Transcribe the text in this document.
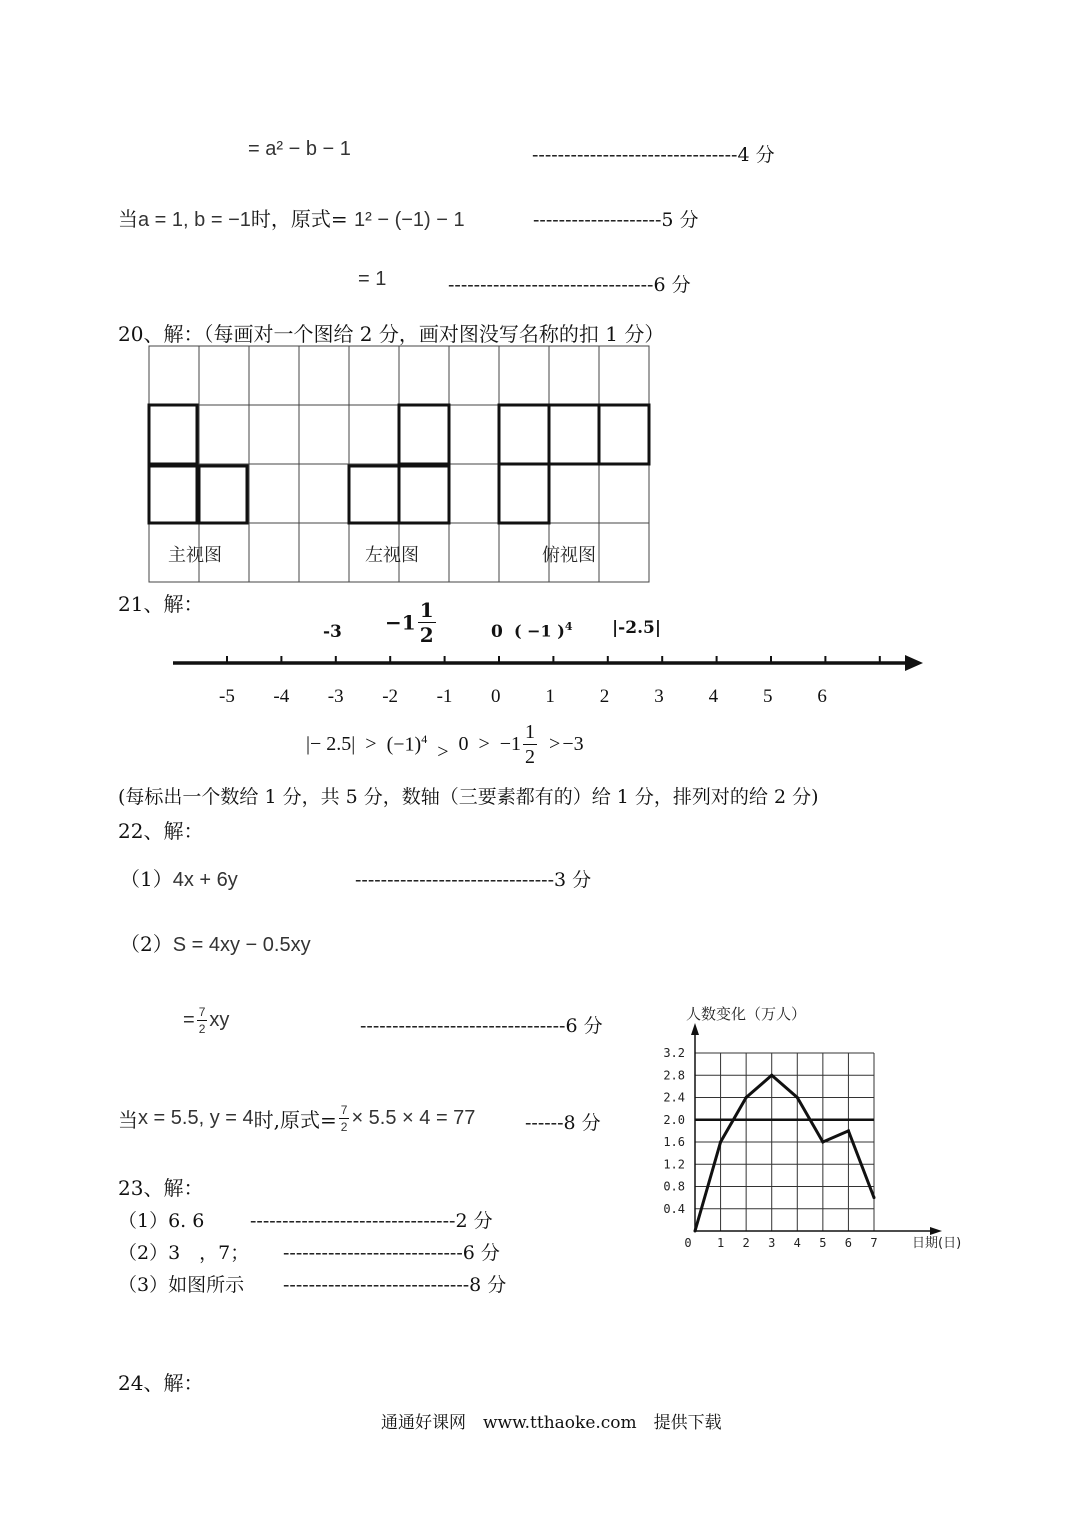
= a² − b − 1	--------------------------------4 分
当a = 1, b = −1时，原式= 1² − (−1) − 1	--------------------5 分
= 1	--------------------------------6 分
20、解：（每画对一个图给 2 分，画对图没写名称的扣 1 分）
主视图	左视图	俯视图
21、解：
$-3 -1 \frac{1}{2}$	0 ( −1 )$^4$ |-2.5|
-5 -4 -3 -2 -1 0 1 2 3 4 5 6
|− $2.5| > (-1)^4$
> $0 > -1 \frac{1}{2} > -3$
(每标出一个数给 1 分，共 5 分，数轴（三要素都有的）给 1 分，排列对的给 2 分)
22、解：
（1）4x + 6y	-------------------------------3 分
（2）S = 4xy − 0.5xy
= $\frac{7}{2}$ xy	--------------------------------6 分
当x = 5.5, y = 4时,原式= $\frac{7}{2} \times 5.5 \times 4 = 77$	------8 分
人数变化（万人）
3.2
2.8
2.4
2.0
1.6
1.2
0.8
0.4
0 1 2 3 4 5 6 7	日期(日)
23、解：
（1）6. 6 --------------------------------2 分
（2）3　，7； ----------------------------6 分
（3）如图所示 -----------------------------8 分
24、解：
通通好课网　www.tthaoke.com　提供下载
